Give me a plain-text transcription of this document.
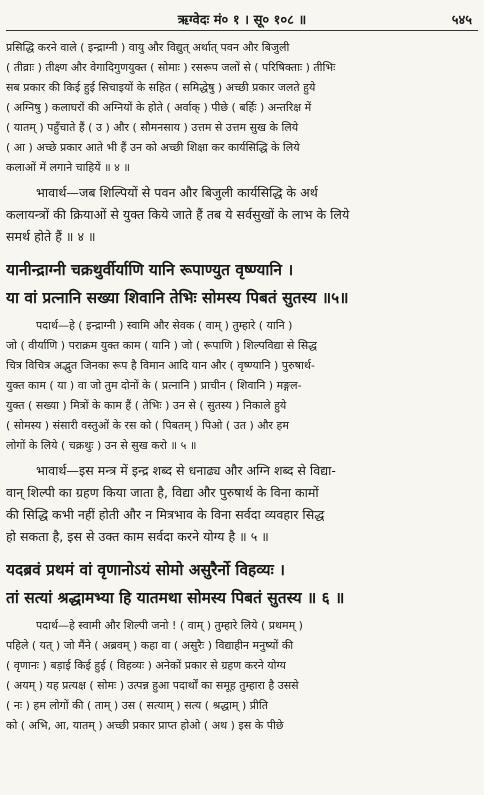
ऋग्वेदः मं० १ । सू० १०८ ॥	५४५
प्रसिद्धि करने वाले ( इन्द्राग्नी ) वायु और विद्युत् अर्थात् पवन और बिजुली
( तीव्राः ) तीक्ष्ण और वेगादिगुणयुक्त ( सोमाः ) रसरूप जलों से ( परिषिक्ताः ) तीभिः
सब प्रकार की किई हुई सिचाइयों के सहित ( समिद्धेषु ) अच्छी प्रकार जलते हुये
( अग्निषु ) कलाघरों की अग्नियों के होते ( अर्वाक् ) पीछे ( बर्हिः ) अन्तरिक्ष में
( यातम् ) पहुँचाते हैं ( उ ) और ( सौमनसाय ) उत्तम से उत्तम सुख के लिये
( आ ) अच्छे प्रकार आते भी हैं उन को अच्छी शिक्षा कर कार्यसिद्धि के लिये
कलाओं में लगाने चाहियें ॥ ४ ॥
भावार्थ—जब शिल्पियों से पवन और बिजुली कार्यसिद्धि के अर्थ
कलायन्त्रों की क्रियाओं से युक्त किये जाते हैं तब ये सर्वसुखों के लाभ के लिये
समर्थ होते हैं ॥ ४ ॥
यानीन्द्राग्नी चक्रथुर्वीर्याणि यानि रूपाण्युत वृष्ण्यानि ।
या वां प्रत्नानि सख्या शिवानि तेभिः सोमस्य पिबतं सुतस्य ॥५॥
पदार्थ—हे ( इन्द्राग्नी ) स्वामि और सेवक ( वाम् ) तुम्हारे ( यानि )
जो ( वीर्याणि ) पराक्रम युक्त काम ( यानि ) जो ( रूपाणि ) शिल्पविद्या से सिद्ध
चित्र विचित्र अद्भुत जिनका रूप है विमान आदि यान और ( वृष्ण्यानि ) पुरुषार्थ-
युक्त काम ( या ) वा जो तुम दोनों के ( प्रत्नानि ) प्राचीन ( शिवानि ) मङ्गल-
युक्त ( सख्या ) मित्रों के काम हैं ( तेभिः ) उन से ( सुतस्य ) निकाले हुये
( सोमस्य ) संसारी वस्तुओं के रस को ( पिबतम् ) पिओ ( उत ) और हम
लोगों के लिये ( चक्रथुः ) उन से सुख करो ॥ ५ ॥
भावार्थ—इस मन्त्र में इन्द्र शब्द से धनाढ्य और अग्नि शब्द से विद्या-
वान् शिल्पी का ग्रहण किया जाता है, विद्या और पुरुषार्थ के विना कामों
की सिद्धि कभी नहीं होती और न मित्रभाव के विना सर्वदा व्यवहार सिद्ध
हो सकता है, इस से उक्त काम सर्वदा करने योग्य है ॥ ५ ॥
यदब्रवं प्रथमं वां वृणानोऽयं सोमो असुरैर्नो विहव्यः ।
तां सत्यां श्रद्धामभ्या हि यातमथा सोमस्य पिबतं सुतस्य ॥ ६ ॥
पदार्थ—हे स्वामी और शिल्पी जनो ! ( वाम् ) तुम्हारे लिये ( प्रथमम् )
पहिले ( यत् ) जो मैंने ( अब्रवम् ) कहा वा ( असुरैः ) विद्याहीन मनुष्यों की
( वृणानः ) बड़ाई किई हुई ( विहव्यः ) अनेकों प्रकार से ग्रहण करने योग्य
( अयम् ) यह प्रत्यक्ष ( सोमः ) उत्पन्न हुआ पदार्थों का समूह तुम्हारा है उससे
( नः ) हम लोगों की ( ताम् ) उस ( सत्याम् ) सत्य ( श्रद्धाम् ) प्रीति
को ( अभि, आ, यातम् ) अच्छी प्रकार प्राप्त होओ ( अथ ) इस के पीछे
